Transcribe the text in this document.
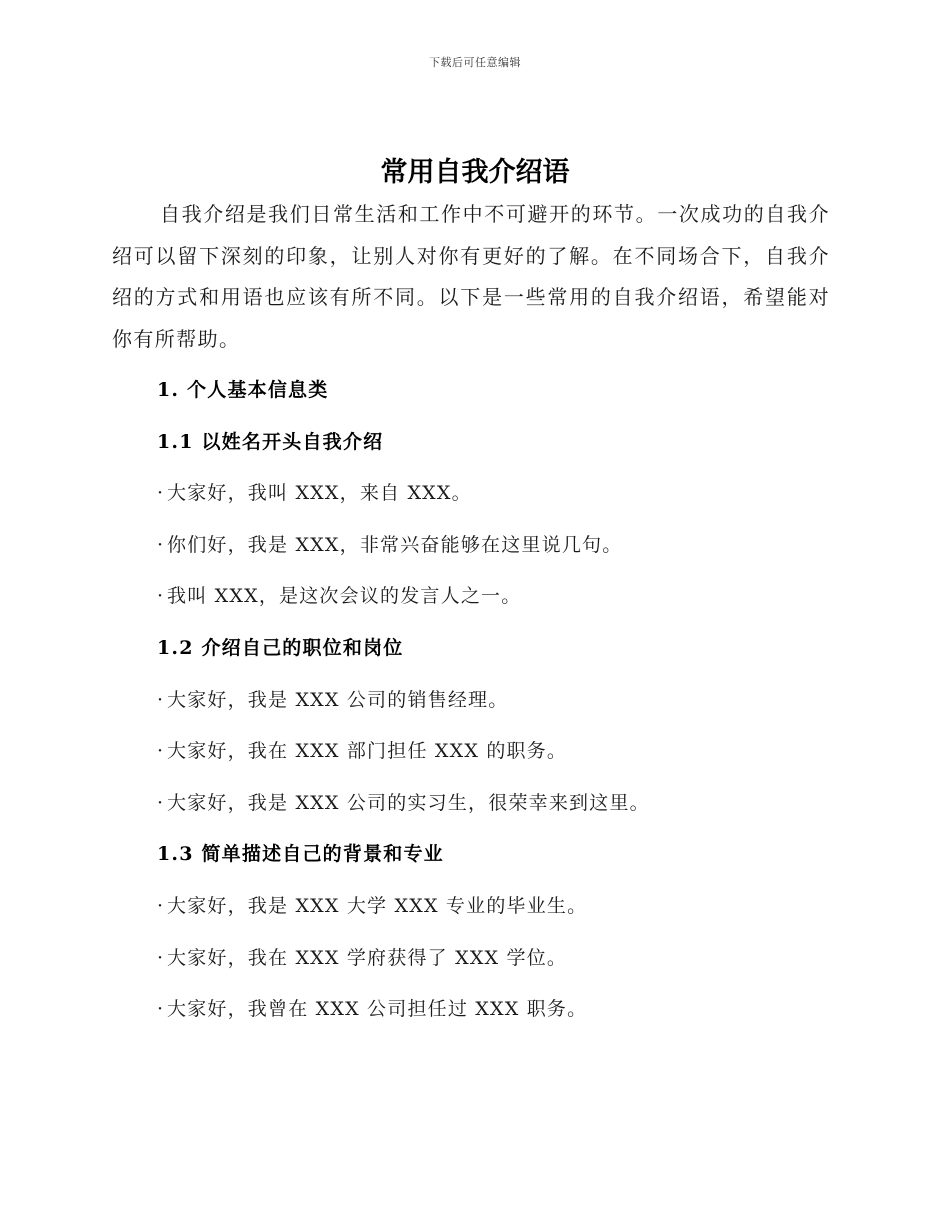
下载后可任意编辑
常用自我介绍语

自我介绍是我们日常生活和工作中不可避开的环节。一次成功的自我介绍可以留下深刻的印象，让别人对你有更好的了解。在不同场合下，自我介绍的方式和用语也应该有所不同。以下是一些常用的自我介绍语，希望能对你有所帮助。

1. 个人基本信息类
1.1 以姓名开头自我介绍
· 大家好，我叫 XXX，来自 XXX。
· 你们好，我是 XXX，非常兴奋能够在这里说几句。
· 我叫 XXX，是这次会议的发言人之一。
1.2 介绍自己的职位和岗位
· 大家好，我是 XXX 公司的销售经理。
· 大家好，我在 XXX 部门担任 XXX 的职务。
· 大家好，我是 XXX 公司的实习生，很荣幸来到这里。
1.3 简单描述自己的背景和专业
· 大家好，我是 XXX 大学 XXX 专业的毕业生。
· 大家好，我在 XXX 学府获得了 XXX 学位。
· 大家好，我曾在 XXX 公司担任过 XXX 职务。
